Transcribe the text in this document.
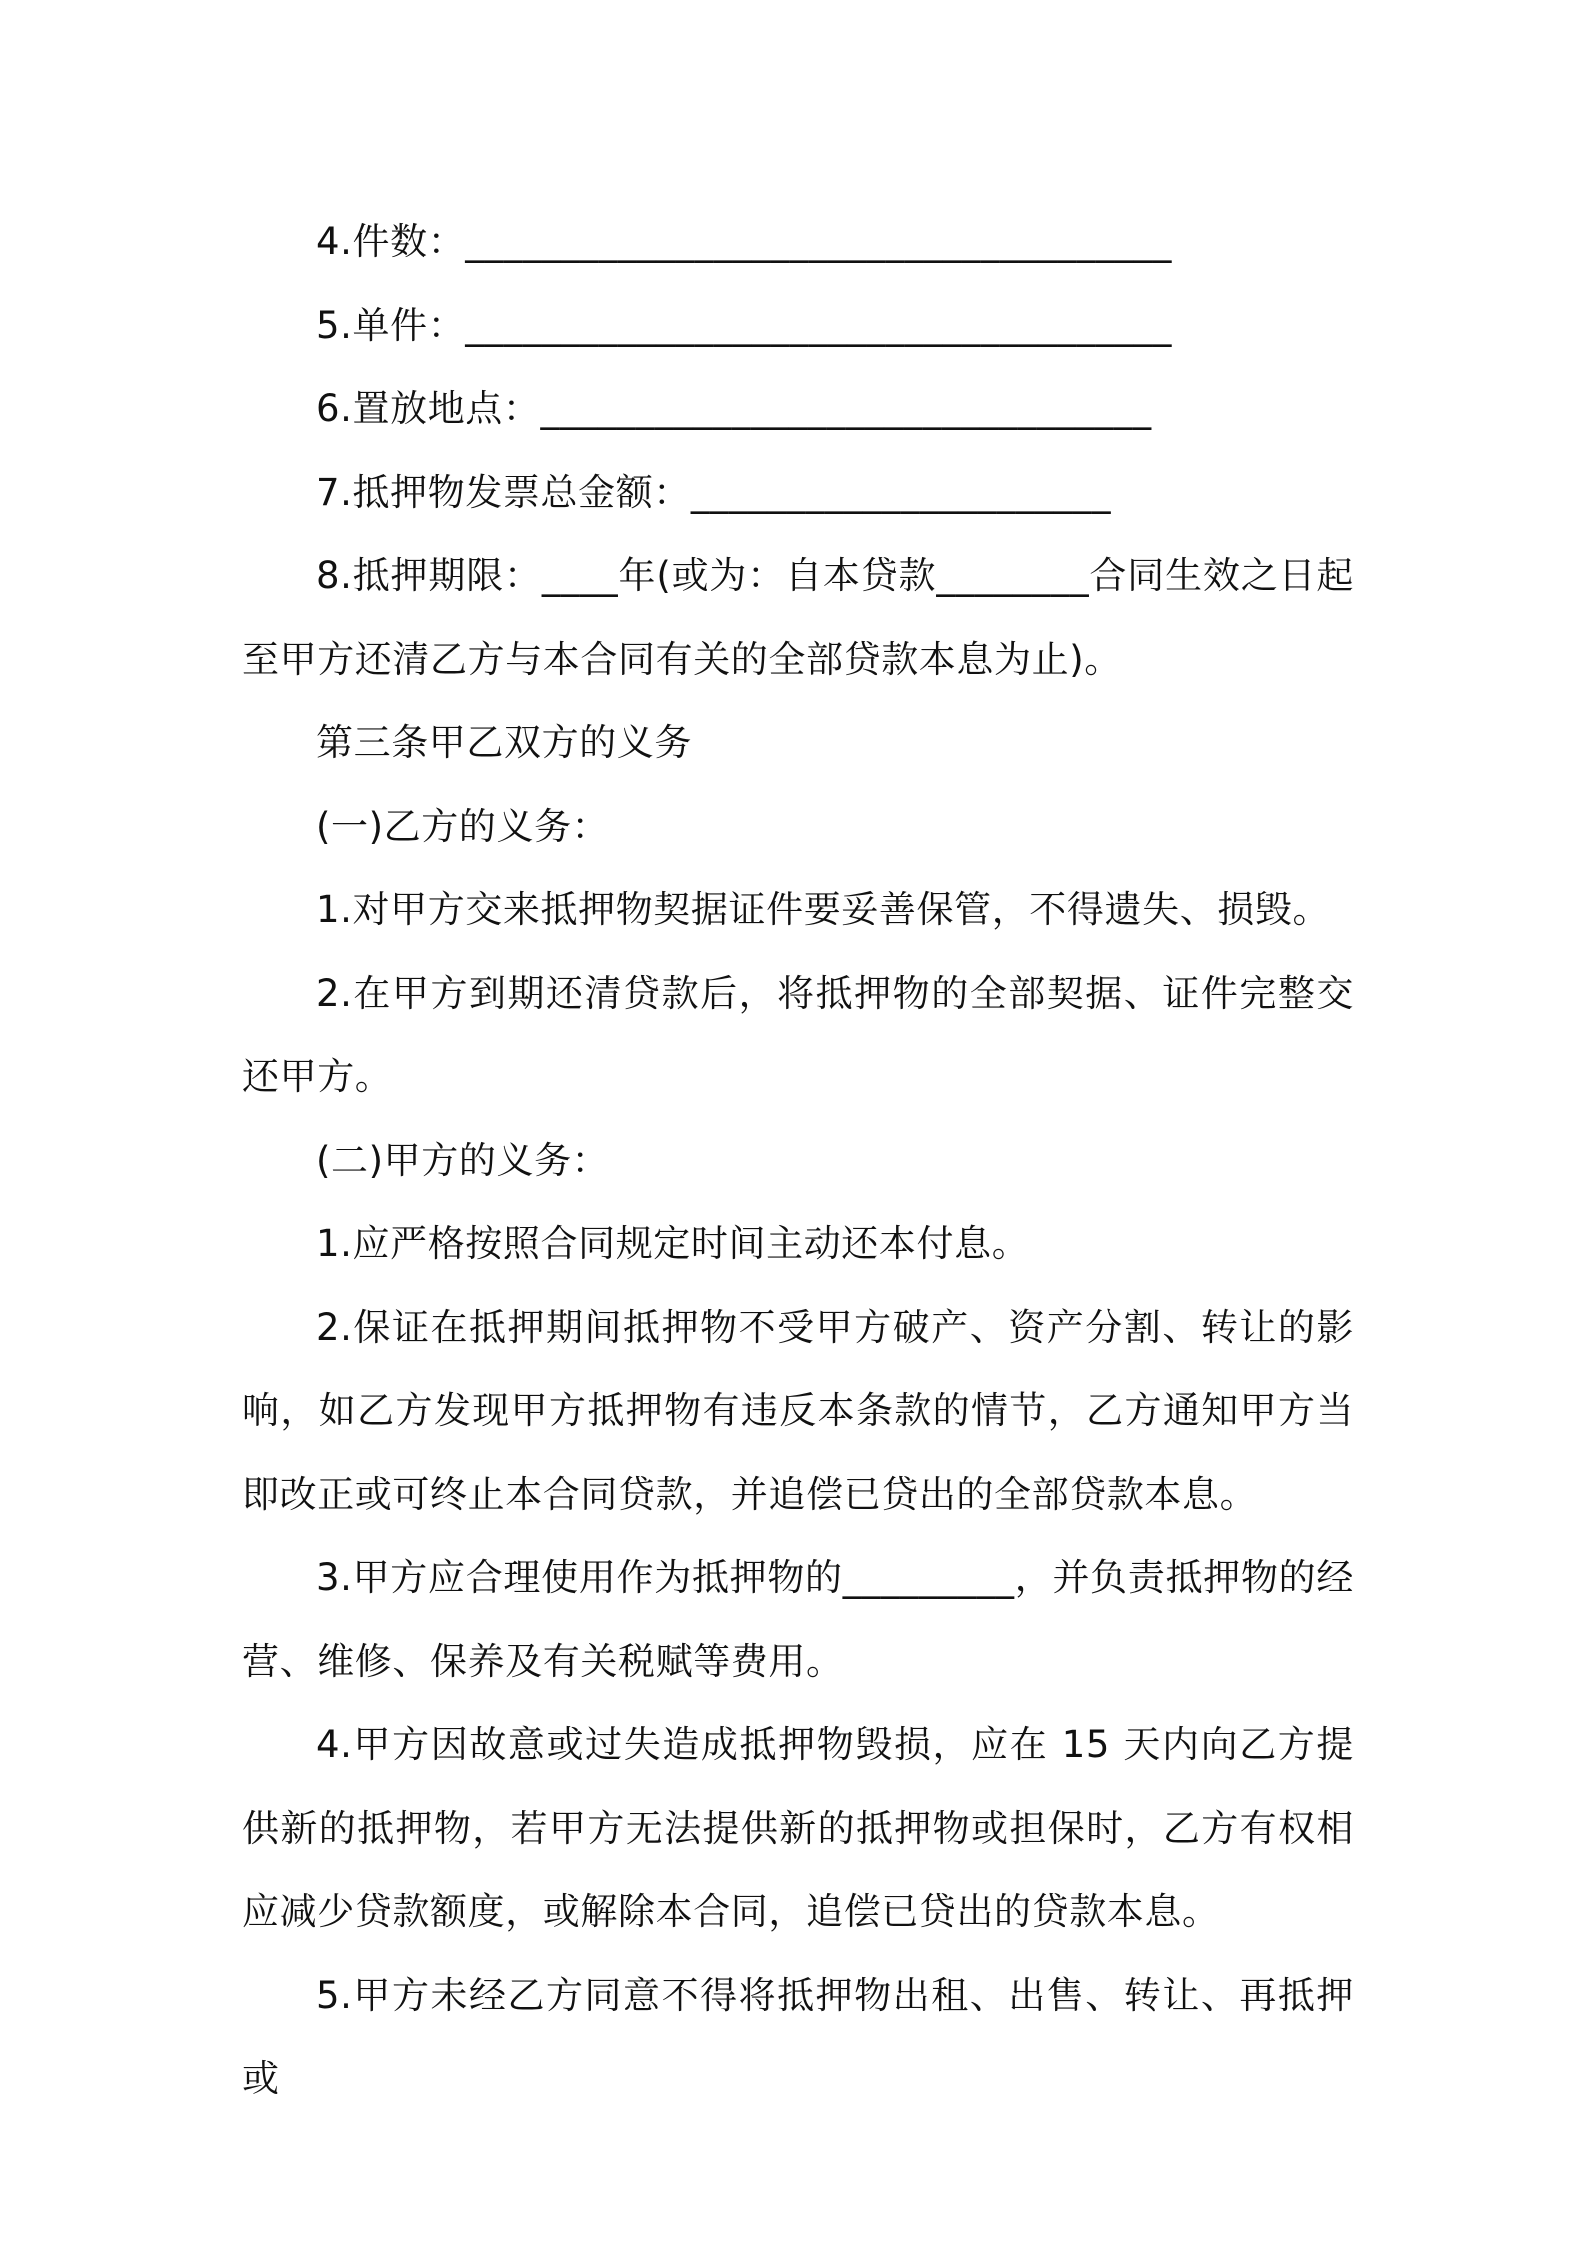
4.件数：_____________________________________

5.单件：_____________________________________

6.置放地点：________________________________

7.抵押物发票总金额：______________________

8.抵押期限：____年(或为：自本贷款________合同生效之日起至甲方还清乙方与本合同有关的全部贷款本息为止)。

第三条甲乙双方的义务

(一)乙方的义务：

1.对甲方交来抵押物契据证件要妥善保管，不得遗失、损毁。

2.在甲方到期还清贷款后，将抵押物的全部契据、证件完整交还甲方。

(二)甲方的义务：

1.应严格按照合同规定时间主动还本付息。

2.保证在抵押期间抵押物不受甲方破产、资产分割、转让的影响，如乙方发现甲方抵押物有违反本条款的情节，乙方通知甲方当即改正或可终止本合同贷款，并追偿已贷出的全部贷款本息。

3.甲方应合理使用作为抵押物的_________，并负责抵押物的经营、维修、保养及有关税赋等费用。

4.甲方因故意或过失造成抵押物毁损，应在 15 天内向乙方提供新的抵押物，若甲方无法提供新的抵押物或担保时，乙方有权相应减少贷款额度，或解除本合同，追偿已贷出的贷款本息。

5.甲方未经乙方同意不得将抵押物出租、出售、转让、再抵押或
